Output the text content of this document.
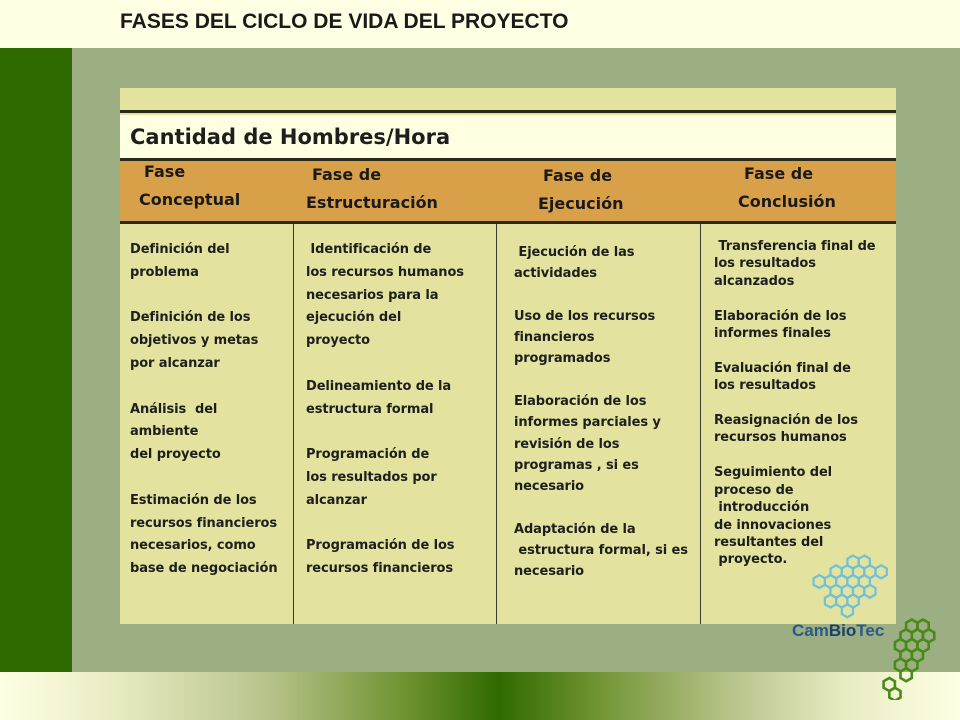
FASES DEL CICLO DE VIDA DEL PROYECTO
Cantidad de Hombres/Hora
Fase
Conceptual
Fase de
Estructuración
Fase de
Ejecución
Fase de
Conclusión

Definición del

problema

Definición de los

objetivos y metas

por alcanzar

Análisis  del

ambiente

del proyecto

Estimación de los

recursos financieros

necesarios, como

base de negociación

Identificación de

los recursos humanos

necesarios para la

ejecución del

proyecto

Delineamiento de la

estructura formal

Programación de

los resultados por

alcanzar

Programación de los

recursos financieros

Ejecución de las

actividades

Uso de los recursos

financieros

programados

Elaboración de los

informes parciales y

revisión de los

programas , si es

necesario

Adaptación de la

estructura formal, si es

necesario

Transferencia final de

los resultados

alcanzados

Elaboración de los

informes finales

Evaluación final de

los resultados

Reasignación de los

recursos humanos

Seguimiento del

proceso de

introducción

de innovaciones

resultantes del

proyecto.

CamBioTec
